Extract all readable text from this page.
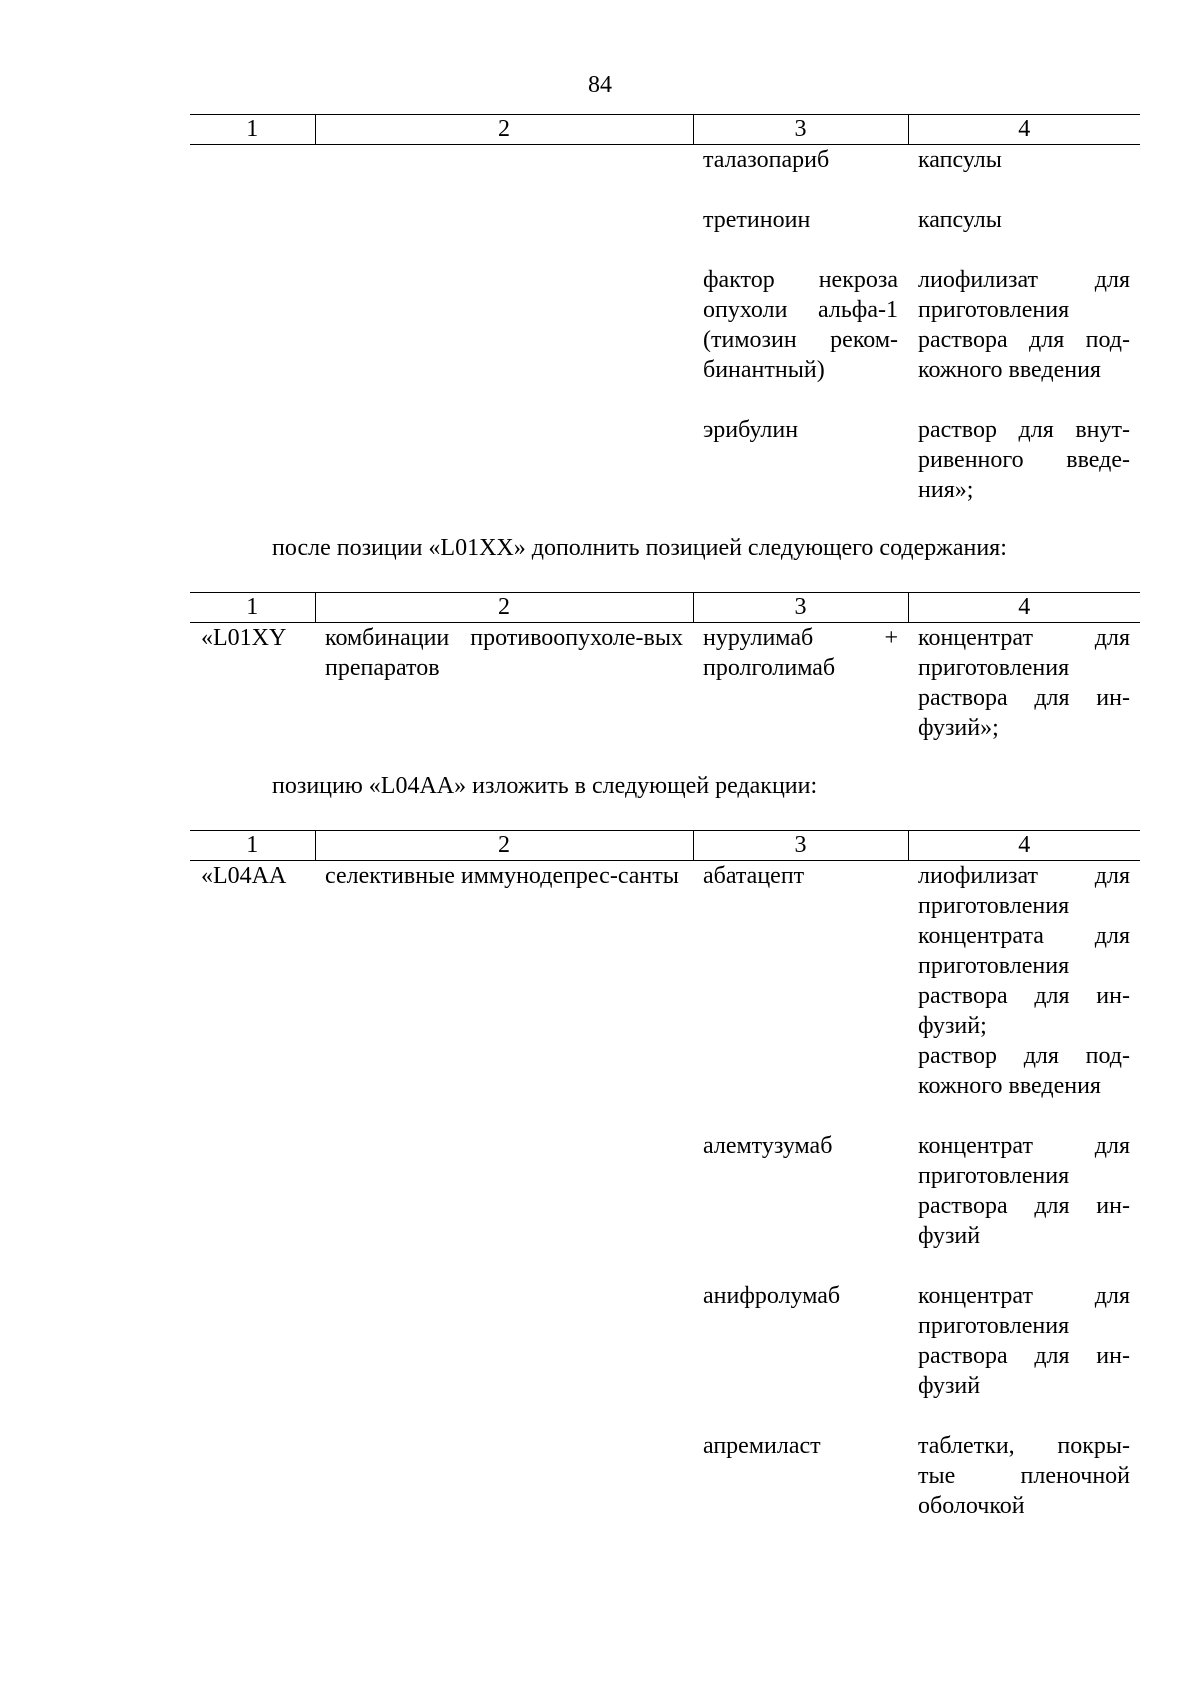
84
1	2	3	4
		талазопариб	капсулы
		третиноин	капсулы
		фактор некроза опухоли альфа-1 (тимозин реком-бинантный)	лиофилизат для приготовления раствора для под-кожного введения
		эрибулин	раствор для внут-ривенного введе-ния»;
после позиции «L01XX» дополнить позицией следующего содержания:
1	2	3	4
«L01XY	комбинации противоопухоле-вых препаратов	нурулимаб + пролголимаб	концентрат для приготовления раствора для ин-фузий»;
позицию «L04AA» изложить в следующей редакции:
1	2	3	4
«L04AA	селективные иммунодепрес-санты	абатацепт	лиофилизат для приготовления концентрата для приготовления раствора для ин-фузий;
раствор для под-кожного введения

		алемтузумаб	концентрат для приготовления раствора для ин-фузий
		анифролумаб	концентрат для приготовления раствора для ин-фузий
		апремиласт	таблетки, покры-тые пленочной оболочкой
